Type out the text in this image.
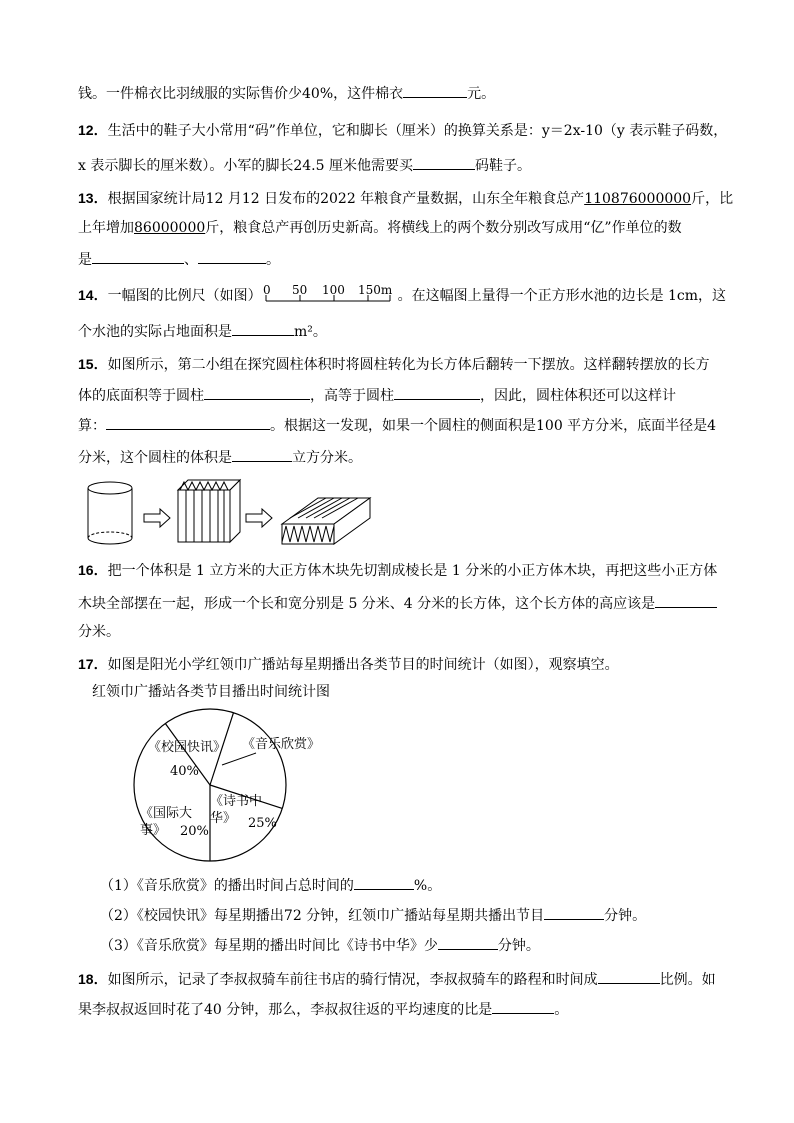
钱。一件棉衣比羽绒服的实际售价少40%，这件棉衣	元。
12．生活中的鞋子大小常用“码”作单位，它和脚长（厘米）的换算关系是：y＝2x-10（y 表示鞋子码数，
x 表示脚长的厘米数）。小军的脚长24.5 厘米他需要买	码鞋子。
13．根据国家统计局12 月12 日发布的2022 年粮食产量数据，山东全年粮食总产110876000000斤，比
上年增加86000000斤，粮食总产再创历史新高。将横线上的两个数分别改写成用“亿”作单位的数
是	、	。
14．一幅图的比例尺（如图） 0 50 100 150m 。在这幅图上量得一个正方形水池的边长是 1cm，这
个水池的实际占地面积是	m²。
15．如图所示，第二小组在探究圆柱体积时将圆柱转化为长方体后翻转一下摆放。这样翻转摆放的长方
体的底面积等于圆柱	，高等于圆柱	，因此，圆柱体积还可以这样计
算：	。根据这一发现，如果一个圆柱的侧面积是100 平方分米，底面半径是4
分米，这个圆柱的体积是	立方分米。
16．把一个体积是 1 立方米的大正方体木块先切割成棱长是 1 分米的小正方体木块，再把这些小正方体
木块全部摆在一起，形成一个长和宽分别是 5 分米、4 分米的长方体，这个长方体的高应该是
分米。
17．如图是阳光小学红领巾广播站每星期播出各类节目的时间统计（如图），观察填空。
红领巾广播站各类节目播出时间统计图
《校园快讯》
40%
《音乐欣赏》
《诗书中
华》 25%
《国际大
事》 20%
（1）《音乐欣赏》的播出时间占总时间的	%。
（2）《校园快讯》每星期播出72 分钟，红领巾广播站每星期共播出节目	分钟。
（3）《音乐欣赏》每星期的播出时间比《诗书中华》少	分钟。
18．如图所示，记录了李叔叔骑车前往书店的骑行情况，李叔叔骑车的路程和时间成	比例。如
果李叔叔返回时花了40 分钟，那么，李叔叔往返的平均速度的比是	。
